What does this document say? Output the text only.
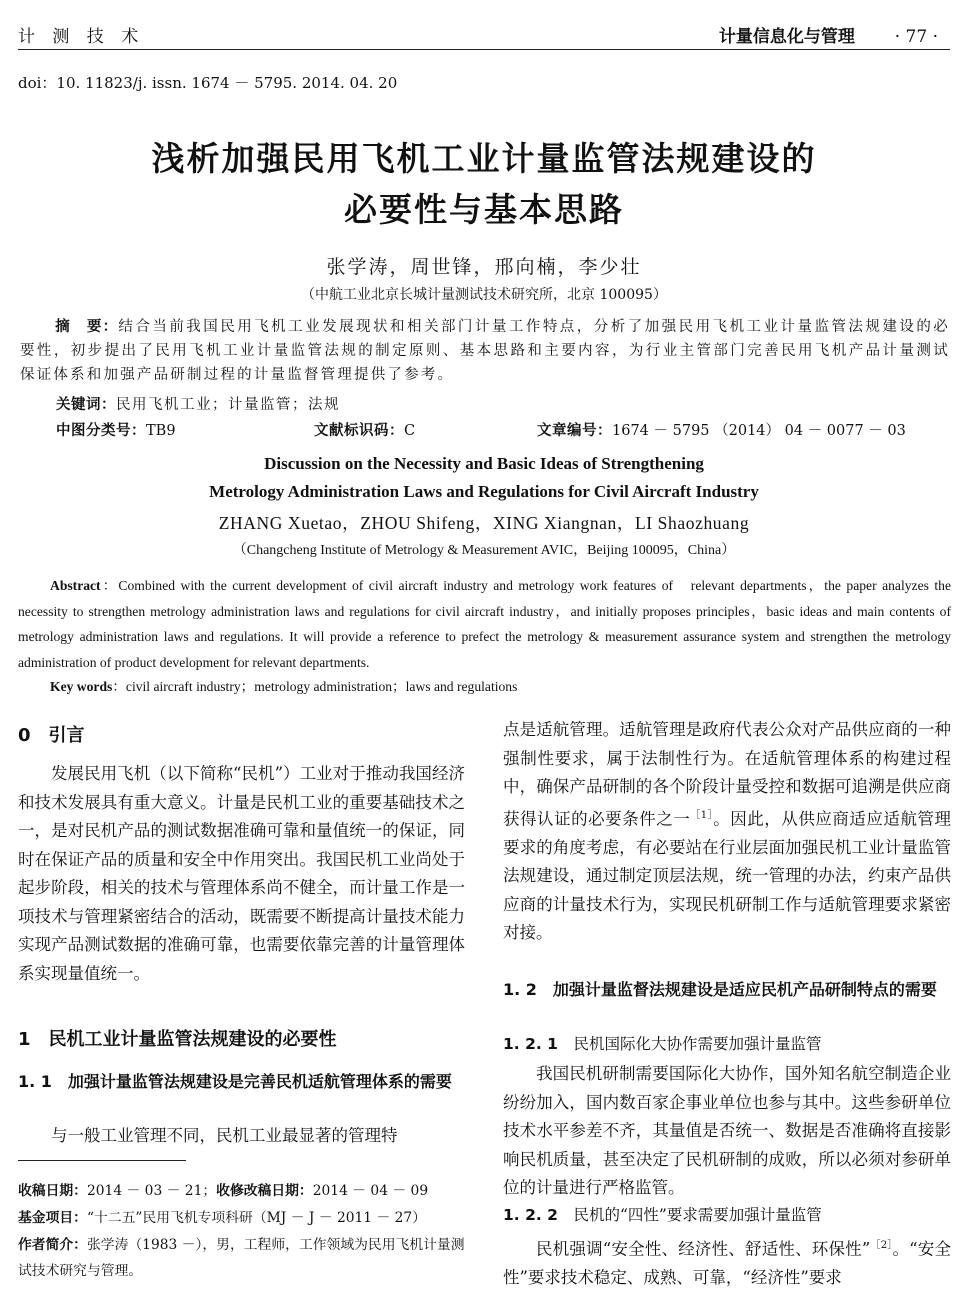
计 测 技 术	计量信息化与管理 · 77 ·
doi：10. 11823/j. issn. 1674 － 5795. 2014. 04. 20
浅析加强民用飞机工业计量监管法规建设的
必要性与基本思路
张学涛，周世锋，邢向楠，李少壮
（中航工业北京长城计量测试技术研究所，北京 100095）
摘　要：结合当前我国民用飞机工业发展现状和相关部门计量工作特点，分析了加强民用飞机工业计量监管法规建设的必要性，初步提出了民用飞机工业计量监管法规的制定原则、基本思路和主要内容，为行业主管部门完善民用飞机产品计量测试保证体系和加强产品研制过程的计量监督管理提供了参考。
关键词：民用飞机工业；计量监管；法规
中图分类号：TB9	文献标识码：C	文章编号：1674 － 5795 （2014） 04 － 0077 － 03
Discussion on the Necessity and Basic Ideas of Strengthening
Metrology Administration Laws and Regulations for Civil Aircraft Industry
ZHANG Xuetao，ZHOU Shifeng，XING Xiangnan，LI Shaozhuang
（Changcheng Institute of Metrology & Measurement AVIC，Beijing 100095，China）
Abstract：Combined with the current development of civil aircraft industry and metrology work features of　relevant departments，the paper analyzes the necessity to strengthen metrology administration laws and regulations for civil aircraft industry，and initially proposes principles，basic ideas and main contents of metrology administration laws and regulations. It will provide a reference to prefect the metrology & measurement assurance system and strengthen the metrology administration of product development for relevant departments.
Key words：civil aircraft industry；metrology administration；laws and regulations
0　引言

发展民用飞机（以下简称“民机”）工业对于推动我国经济和技术发展具有重大意义。计量是民机工业的重要基础技术之一，是对民机产品的测试数据准确可靠和量值统一的保证，同时在保证产品的质量和安全中作用突出。我国民机工业尚处于起步阶段，相关的技术与管理体系尚不健全，而计量工作是一项技术与管理紧密结合的活动，既需要不断提高计量技术能力实现产品测试数据的准确可靠，也需要依靠完善的计量管理体系实现量值统一。

1　民机工业计量监管法规建设的必要性
1. 1　加强计量监管法规建设是完善民机适航管理体系的需要

与一般工业管理不同，民机工业最显著的管理特

收稿日期：2014 － 03 － 21；收修改稿日期：2014 － 04 － 09
基金项目：“十二五”民用飞机专项科研（MJ － J － 2011 － 27）
作者简介：张学涛（1983 －），男，工程师，工作领域为民用飞机计量测试技术研究与管理。
点是适航管理。适航管理是政府代表公众对产品供应商的一种强制性要求，属于法制性行为。在适航管理体系的构建过程中，确保产品研制的各个阶段计量受控和数据可追溯是供应商获得认证的必要条件之一$^{[1]}$。因此，从供应商适应适航管理要求的角度考虑，有必要站在行业层面加强民机工业计量监管法规建设，通过制定顶层法规，统一管理的办法，约束产品供应商的计量技术行为，实现民机研制工作与适航管理要求紧密对接。
1. 2　加强计量监督法规建设是适应民机产品研制特点的需要
1. 2. 1　民机国际化大协作需要加强计量监管

我国民机研制需要国际化大协作，国外知名航空制造企业纷纷加入，国内数百家企事业单位也参与其中。这些参研单位技术水平参差不齐，其量值是否统一、数据是否准确将直接影响民机质量，甚至决定了民机研制的成败，所以必须对参研单位的计量进行严格监管。

1. 2. 2　民机的“四性”要求需要加强计量监管

民机强调“安全性、经济性、舒适性、环保性”$^{[2]}$。“安全性”要求技术稳定、成熟、可靠，“经济性”要求
